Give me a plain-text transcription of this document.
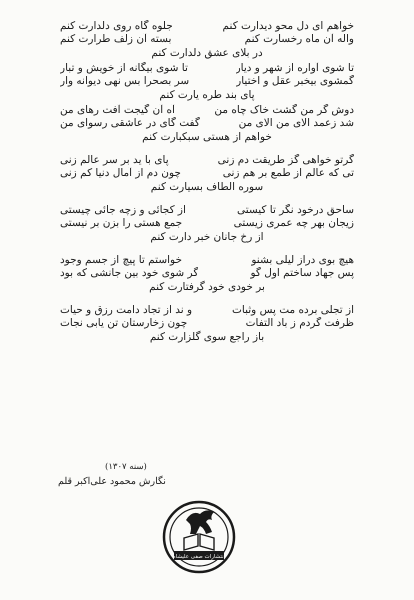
خواهم ای دل محو دیدارت کنم
جلوه گاه روی دلدارت کنم
واله آن ماه رخسارت کنم
بسته آن زلف طرارت کنم
در بلای عشق دلدارت کنم
تا شوی آواره از شهر و دیار
تا شوی بیگانه از خویش و تبار
گمشوی بیخبر عقل و اختیار
سر بصحرا بس نهی دیوانه وار
پای بند طره یارت کنم
دوش گر من گشت خاک چاه من
آه آن گیجت آفت رهای من
شد زعمد الای من الای من
گفت گای در عاشقی رسوای من
خواهم از هستی سبکبارت کنم
گرتو خواهی گز طریقت دم زنی
پای با ید بر سر عالم زنی
تی که عالم از طمع بر هم زنی
چون دم از آمال دنیا کم زنی
سوره الطاف بسیارت کنم
ساحق درخود نگر تا کیستی
از کجائی و زچه جائی چیستی
زیجان بهر چه عمری زیستی
جمع هستی را بزن بر نیستی
از رخ جانان خبر دارت کنم
هیچ بوی دراز لیلی بشنو
خواستم تا پیچ از جسم وجود
پس جهاد ساختم اول گو
گر شوی خود بین جانشی که بود
بر خودی خود گرفتارت کنم
از تجلی برده مت پس وثبات
و ند از تجاد دامت رزق و حیات
ظرفت گردم ز باد التفات
چون زخارستان تن یابی نجات
باز راجع سوی گلزارت کنم
(سنه ۱۳۰۷)
نگارش محمود علی‌اکبر قلم
انتشارات صفی علیشاه
